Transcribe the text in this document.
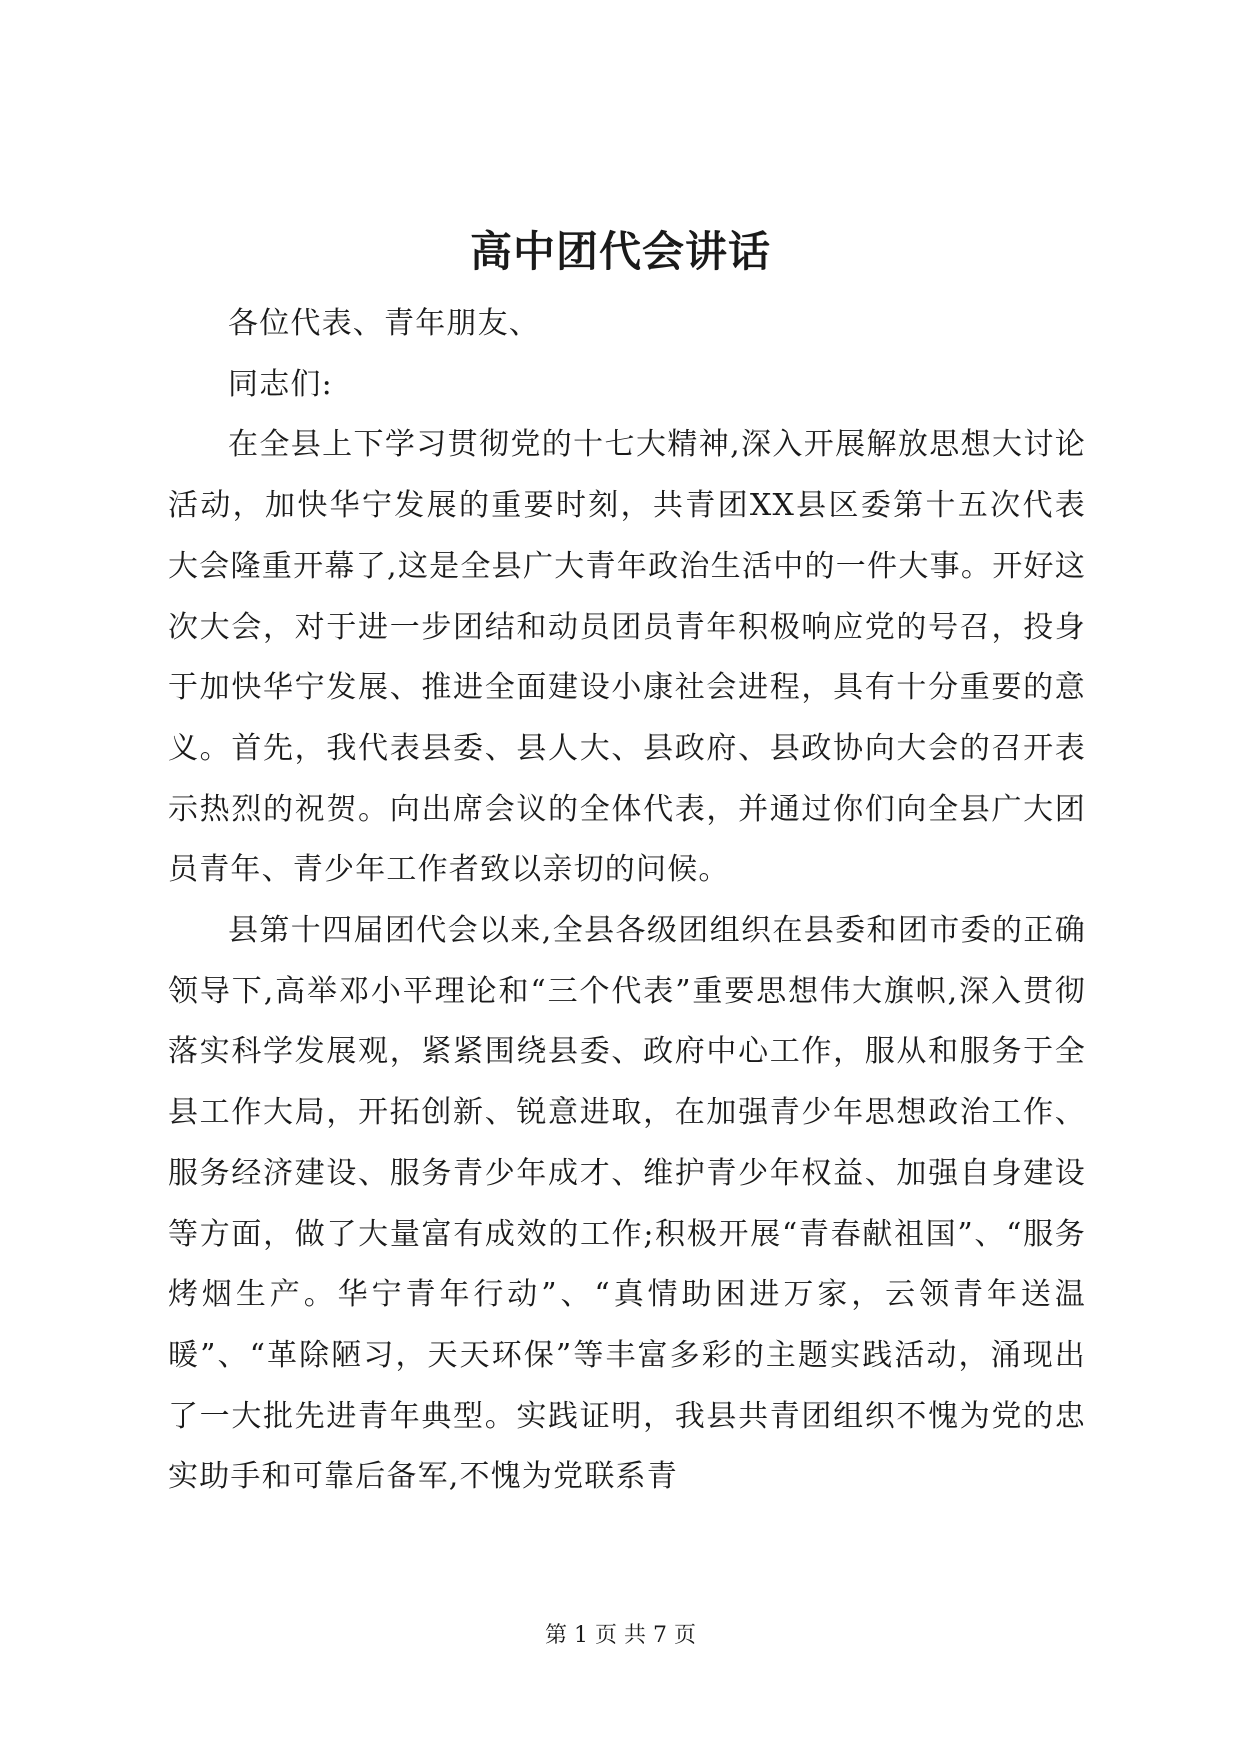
高中团代会讲话

各位代表、青年朋友、

同志们:

在全县上下学习贯彻党的十七大精神,深入开展解放思想大讨论活动，加快华宁发展的重要时刻，共青团XX县区委第十五次代表大会隆重开幕了,这是全县广大青年政治生活中的一件大事。开好这次大会，对于进一步团结和动员团员青年积极响应党的号召，投身于加快华宁发展、推进全面建设小康社会进程，具有十分重要的意义。首先，我代表县委、县人大、县政府、县政协向大会的召开表示热烈的祝贺。向出席会议的全体代表，并通过你们向全县广大团员青年、青少年工作者致以亲切的问候。

县第十四届团代会以来,全县各级团组织在县委和团市委的正确领导下,高举邓小平理论和“三个代表”重要思想伟大旗帜,深入贯彻落实科学发展观，紧紧围绕县委、政府中心工作，服从和服务于全县工作大局，开拓创新、锐意进取，在加强青少年思想政治工作、服务经济建设、服务青少年成才、维护青少年权益、加强自身建设等方面，做了大量富有成效的工作;积极开展“青春献祖国”、“服务烤烟生产。华宁青年行动”、“真情助困进万家，云领青年送温暖”、“革除陋习，天天环保”等丰富多彩的主题实践活动，涌现出了一大批先进青年典型。实践证明，我县共青团组织不愧为党的忠实助手和可靠后备军,不愧为党联系青

第 1 页 共 7 页
